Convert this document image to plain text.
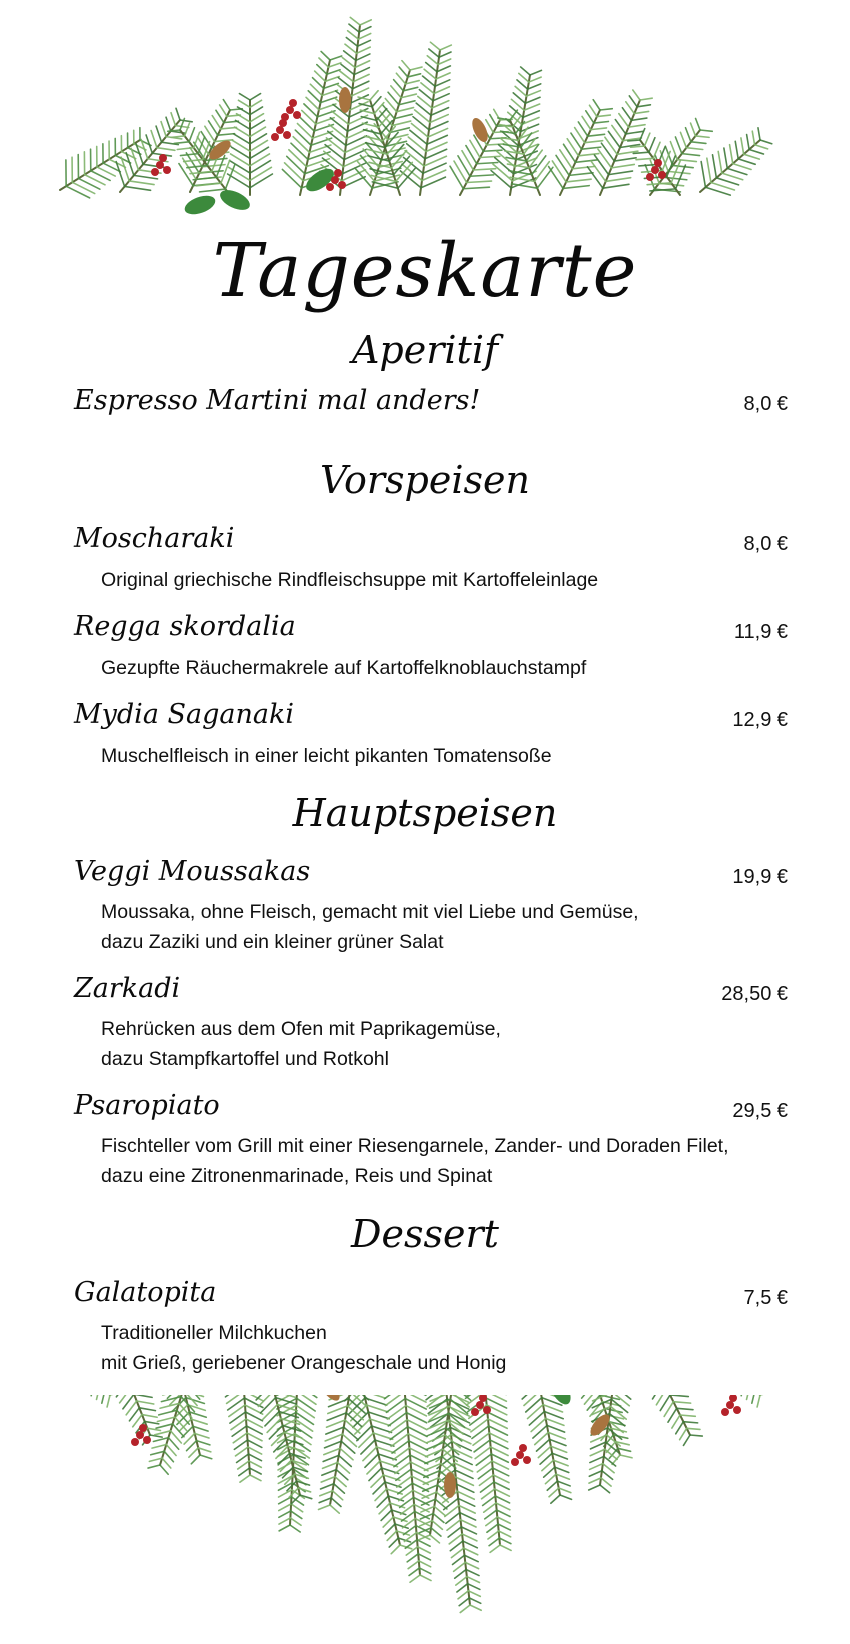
Tageskarte
Aperitif
Espresso Martini mal anders!	8,0 €
Vorspeisen
Moscharaki	8,0 €
Original griechische Rindfleischsuppe mit Kartoffeleinlage
Regga skordalia	11,9 €
Gezupfte Räuchermakrele auf Kartoffelknoblauchstampf
Mydia Saganaki	12,9 €
Muschelfleisch in einer leicht pikanten Tomatensoße
Hauptspeisen
Veggi Moussakas	19,9 €
Moussaka, ohne Fleisch, gemacht mit viel Liebe und Gemüse,
dazu Zaziki und ein kleiner grüner Salat
Zarkadi	28,50 €
Rehrücken aus dem Ofen mit Paprikagemüse,
dazu Stampfkartoffel und Rotkohl
Psaropiato	29,5 €
Fischteller vom Grill mit einer Riesengarnele, Zander- und Doraden Filet,
dazu eine Zitronenmarinade, Reis und Spinat
Dessert
Galatopita	7,5 €
Traditioneller Milchkuchen
mit Grieß, geriebener Orangeschale und Honig
